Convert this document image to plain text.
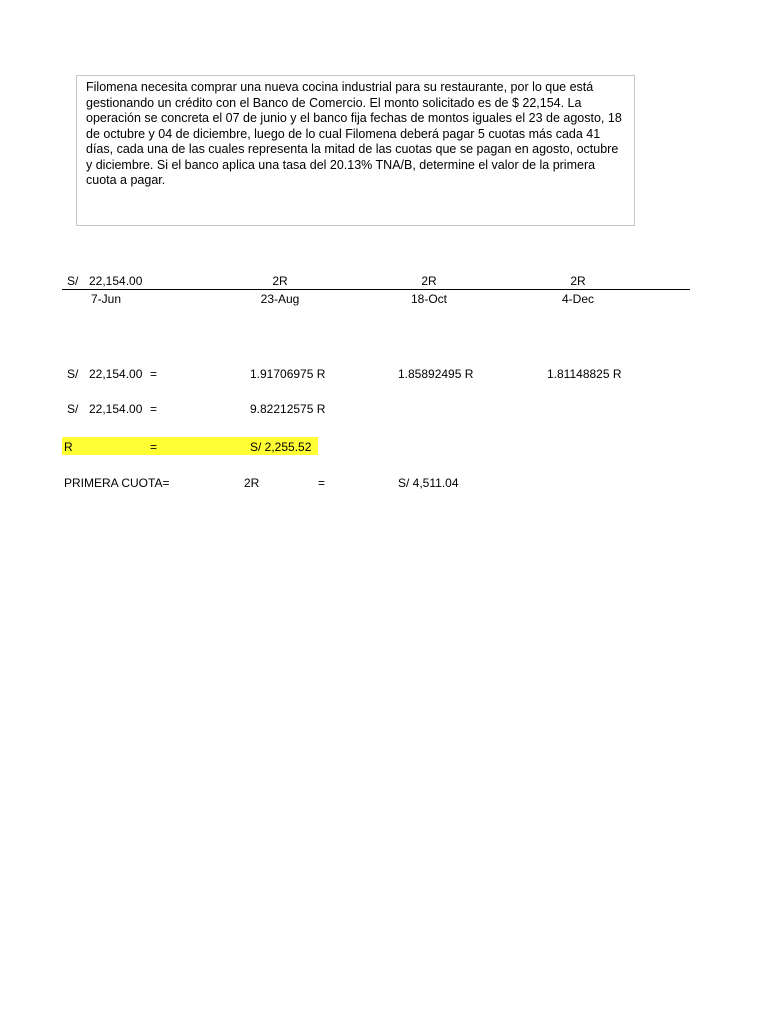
Filomena necesita comprar una nueva cocina industrial para su restaurante, por lo que está gestionando un crédito con el Banco de Comercio. El monto solicitado es de $ 22,154. La operación se concreta el 07 de junio y el banco fija fechas de montos iguales el 23 de agosto, 18 de octubre y 04 de diciembre, luego de lo cual Filomena deberá pagar 5 cuotas más cada 41 días, cada una de las cuales representa la mitad de las cuotas que se pagan en agosto, octubre y diciembre. Si el banco aplica una tasa del 20.13% TNA/B, determine el valor de la primera cuota a pagar.
S/ 22,154.00	2R	2R	2R
7-Jun	23-Aug	18-Oct	4-Dec
S/ 22,154.00 =	1.91706975 R	1.85892495 R	1.81148825 R
S/ 22,154.00 =	9.82212575 R
R	=	S/ 2,255.52
PRIMERA CUOTA=	2R	=	S/ 4,511.04
